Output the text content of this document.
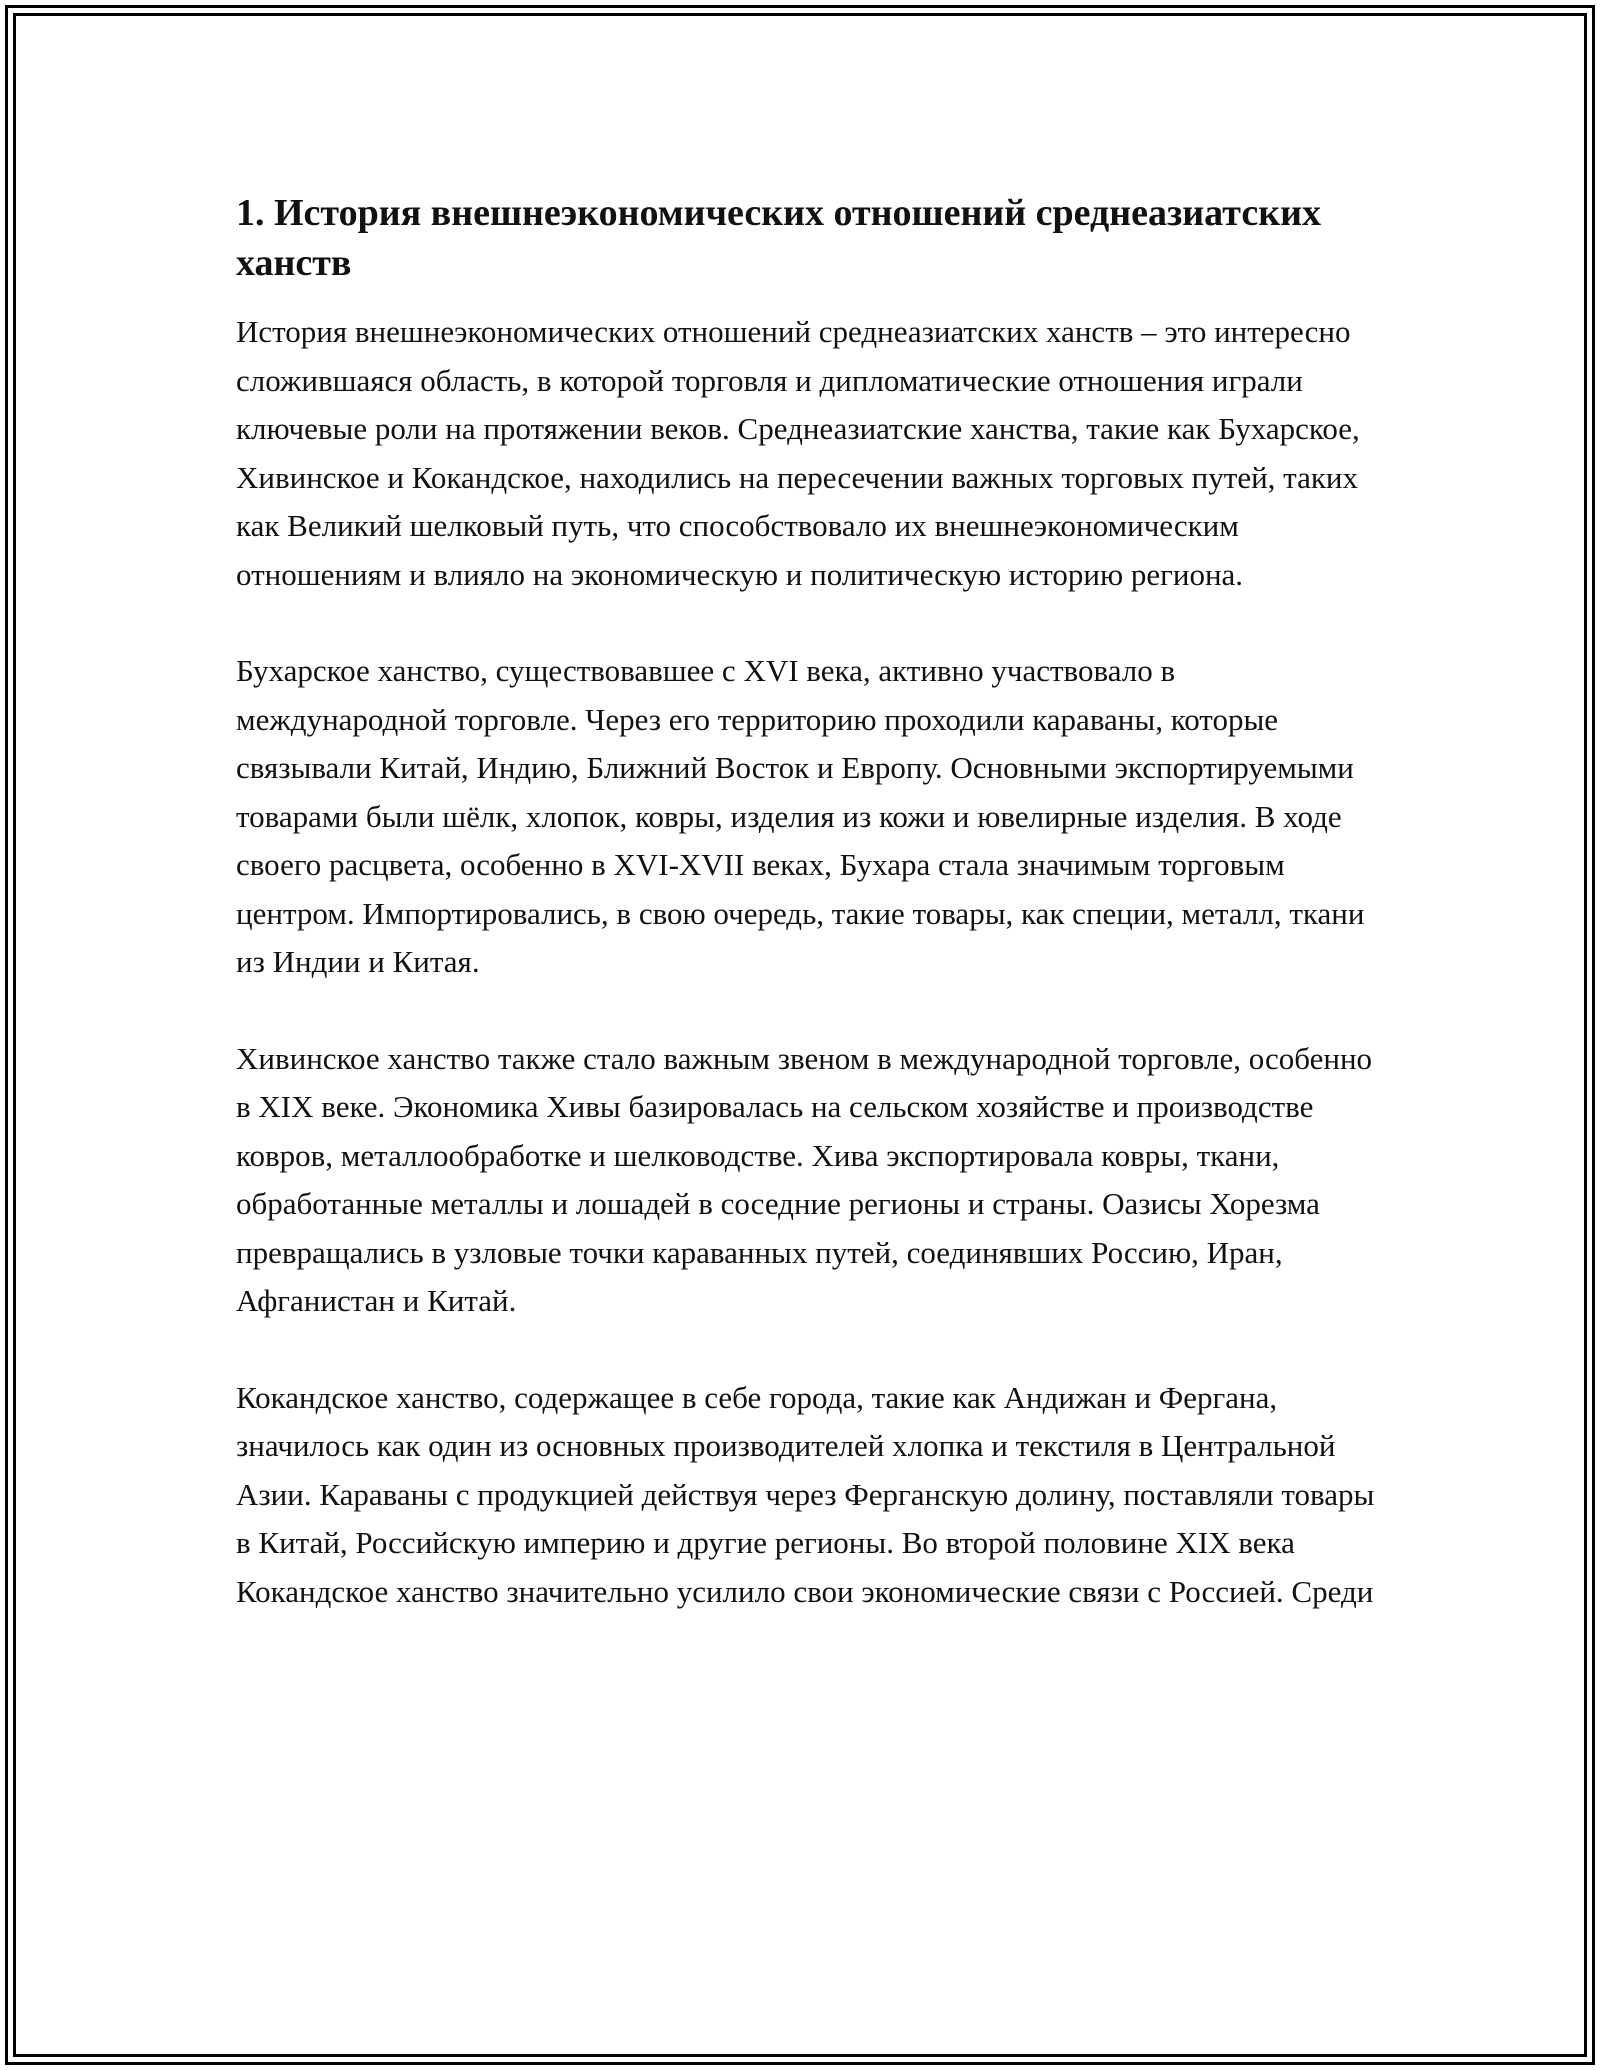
1. История внешнеэкономических отношений среднеазиатских ханств

История внешнеэкономических отношений среднеазиатских ханств – это интересно сложившаяся область, в которой торговля и дипломатические отношения играли ключевые роли на протяжении веков. Среднеазиатские ханства, такие как Бухарское, Хивинское и Кокандское, находились на пересечении важных торговых путей, таких как Великий шелковый путь, что способствовало их внешнеэкономическим отношениям и влияло на экономическую и политическую историю региона.

Бухарское ханство, существовавшее с XVI века, активно участвовало в международной торговле. Через его территорию проходили караваны, которые связывали Китай, Индию, Ближний Восток и Европу. Основными экспортируемыми товарами были шёлк, хлопок, ковры, изделия из кожи и ювелирные изделия. В ходе своего расцвета, особенно в XVI-XVII веках, Бухара стала значимым торговым центром. Импортировались, в свою очередь, такие товары, как специи, металл, ткани из Индии и Китая.

Хивинское ханство также стало важным звеном в международной торговле, особенно в XIX веке. Экономика Хивы базировалась на сельском хозяйстве и производстве ковров, металлообработке и шелководстве. Хива экспортировала ковры, ткани, обработанные металлы и лошадей в соседние регионы и страны. Оазисы Хорезма превращались в узловые точки караванных путей, соединявших Россию, Иран, Афганистан и Китай.

Кокандское ханство, содержащее в себе города, такие как Андижан и Фергана, значилось как один из основных производителей хлопка и текстиля в Центральной Азии. Караваны с продукцией действуя через Ферганскую долину, поставляли товары в Китай, Российскую империю и другие регионы. Во второй половине XIX века Кокандское ханство значительно усилило свои экономические связи с Россией. Среди
